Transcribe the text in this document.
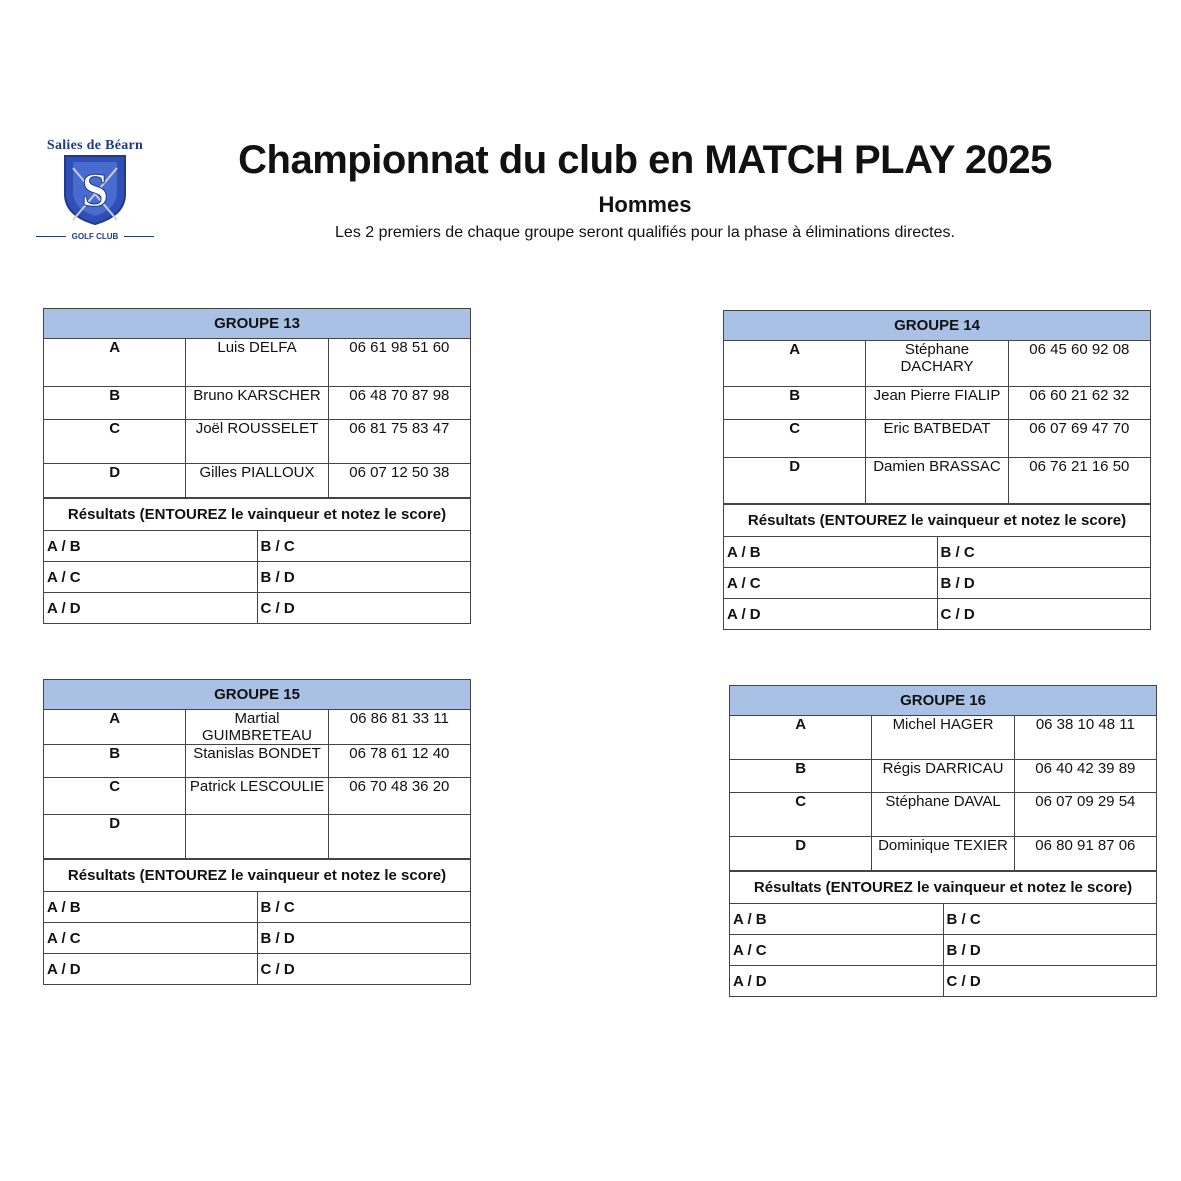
Salies de Béarn
S
GOLF CLUB
Championnat du club en MATCH PLAY 2025
Hommes
Les 2 premiers de chaque groupe seront qualifiés pour la phase à éliminations directes.
GROUPE 13		
A	Luis DELFA	06 61 98 51 60
B	Bruno KARSCHER	06 48 70 87 98
C	Joël ROUSSELET	06 81 75 83 47
D	Gilles PIALLOUX	06 07 12 50 38
Résultats (ENTOUREZ le vainqueur et notez le score)	
A / B	B / C
A / C	B / D
A / D	C / D
GROUPE 14		
A	Stéphane DACHARY	06 45 60 92 08
B	Jean Pierre FIALIP	06 60 21 62 32
C	Eric BATBEDAT	06 07 69 47 70
D	Damien BRASSAC	06 76 21 16 50
Résultats (ENTOUREZ le vainqueur et notez le score)	
A / B	B / C
A / C	B / D
A / D	C / D
GROUPE 15		
A	Martial GUIMBRETEAU	06 86 81 33 11
B	Stanislas BONDET	06 78 61 12 40
C	Patrick LESCOULIE	06 70 48 36 20
D		
Résultats (ENTOUREZ le vainqueur et notez le score)	
A / B	B / C
A / C	B / D
A / D	C / D
GROUPE 16		
A	Michel HAGER	06 38 10 48 11
B	Régis DARRICAU	06 40 42 39 89
C	Stéphane DAVAL	06 07 09 29 54
D	Dominique TEXIER	06 80 91 87 06
Résultats (ENTOUREZ le vainqueur et notez le score)	
A / B	B / C
A / C	B / D
A / D	C / D
